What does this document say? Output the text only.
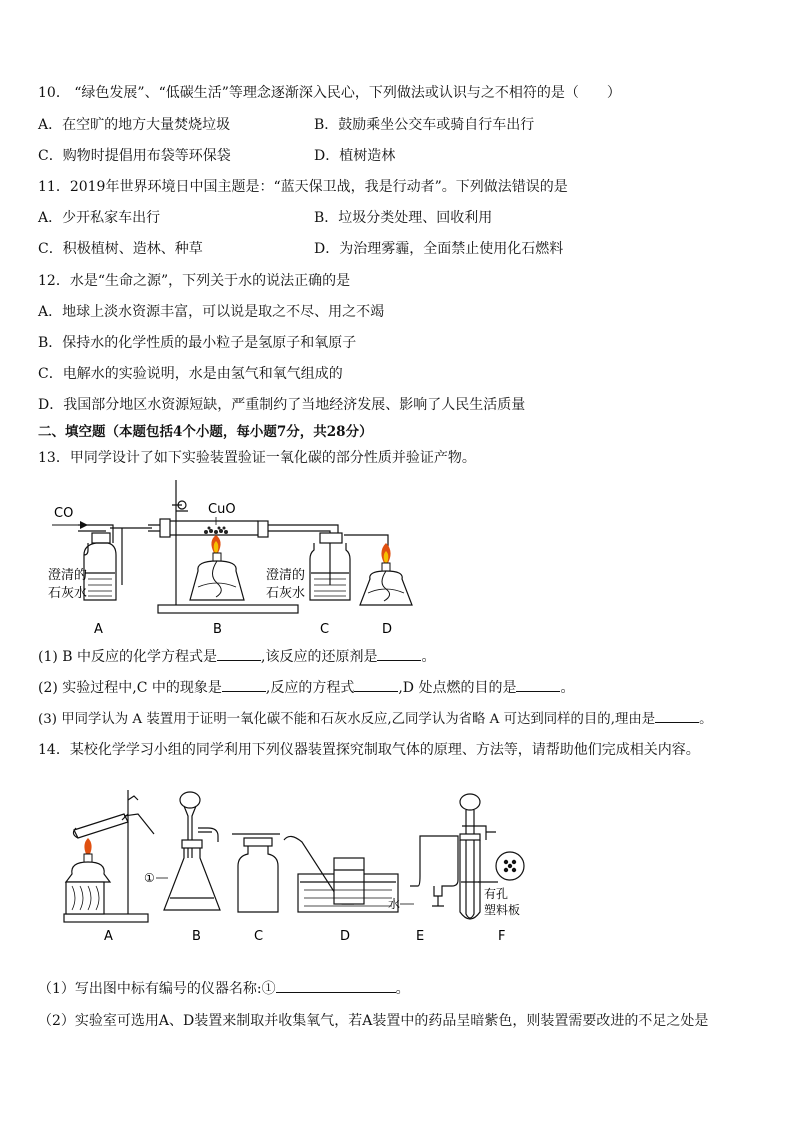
10． “绿色发展”、“低碳生活”等理念逐渐深入民心，下列做法或认识与之不相符的是（　　）
A．在空旷的地方大量焚烧垃圾	B．鼓励乘坐公交车或骑自行车出行
C．购物时提倡用布袋等环保袋	D．植树造林
11．2019年世界环境日中国主题是：“蓝天保卫战，我是行动者”。下列做法错误的是
A．少开私家车出行	B．垃圾分类处理、回收利用
C．积极植树、造林、种草	D．为治理雾霾，全面禁止使用化石燃料
12．水是“生命之源”，下列关于水的说法正确的是
A．地球上淡水资源丰富，可以说是取之不尽、用之不竭
B．保持水的化学性质的最小粒子是氢原子和氧原子
C．电解水的实验说明，水是由氢气和氧气组成的
D．我国部分地区水资源短缺，严重制约了当地经济发展、影响了人民生活质量
二、填空题（本题包括4个小题，每小题7分，共28分）
13．甲同学设计了如下实验装置验证一氧化碳的部分性质并验证产物。
CO
澄清的
石灰水
CuO
澄清的
石灰水
A	B	C	D
(1) B 中反应的化学方程式是	,该反应的还原剂是	。
(2) 实验过程中,C 中的现象是	,反应的方程式	,D 处点燃的目的是	。
(3) 甲同学认为 A 装置用于证明一氧化碳不能和石灰水反应,乙同学认为省略 A 可达到同样的目的,理由是	。
14．某校化学学习小组的同学利用下列仪器装置探究制取气体的原理、方法等，请帮助他们完成相关内容。
①
水
有孔
塑料板
A	B	C	D	E	F
（1）写出图中标有编号的仪器名称:①	。
（2）实验室可选用A、D装置来制取并收集氧气，若A装置中的药品呈暗紫色，则装置需要改进的不足之处是
